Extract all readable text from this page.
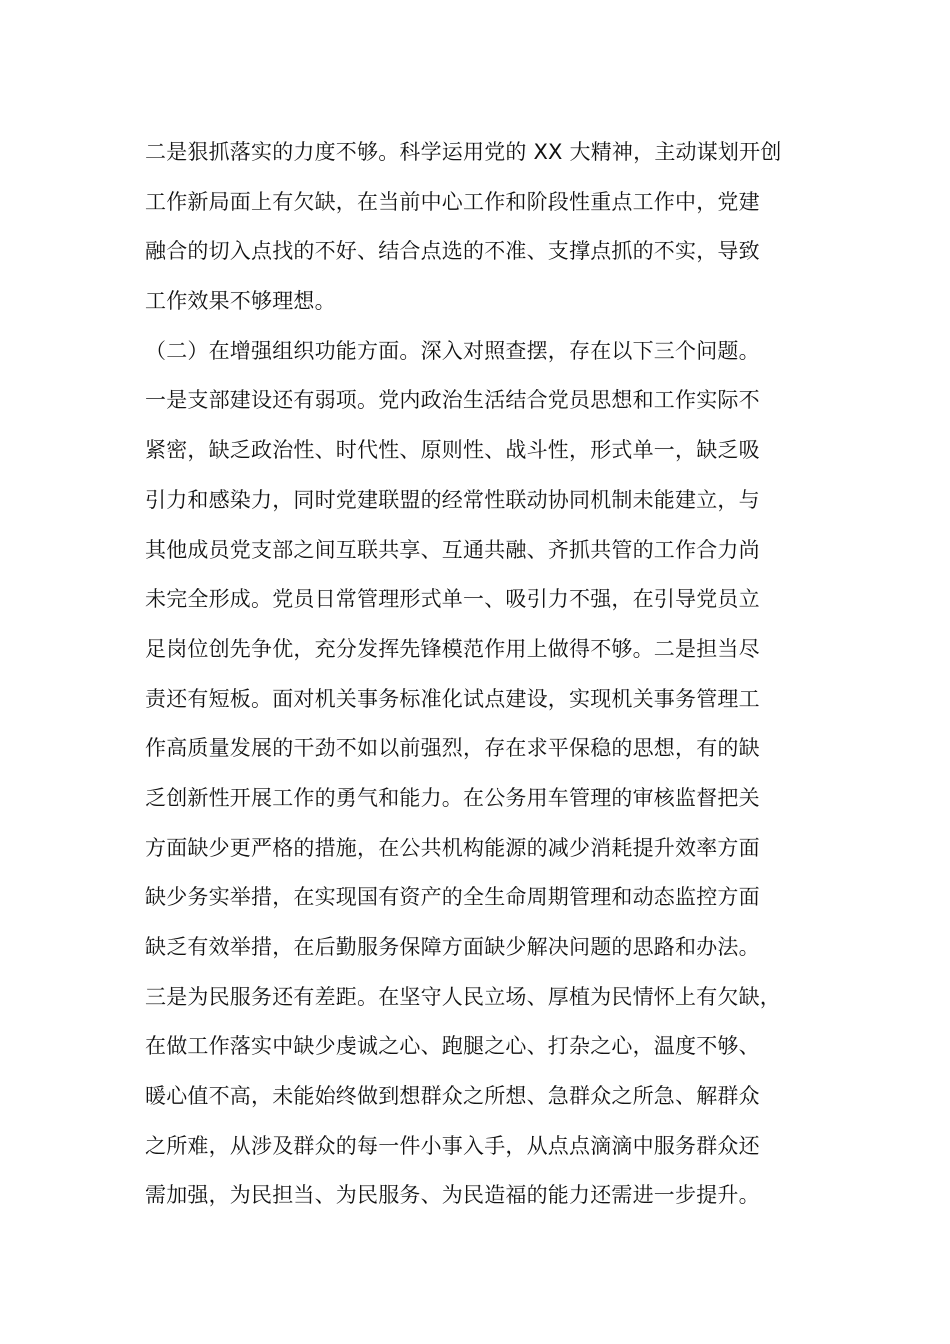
二是狠抓落实的力度不够。科学运用党的 XX 大精神，主动谋划开创
工作新局面上有欠缺，在当前中心工作和阶段性重点工作中，党建
融合的切入点找的不好、结合点选的不准、支撑点抓的不实，导致
工作效果不够理想。
（二）在增强组织功能方面。深入对照查摆，存在以下三个问题。
一是支部建设还有弱项。党内政治生活结合党员思想和工作实际不
紧密，缺乏政治性、时代性、原则性、战斗性，形式单一，缺乏吸
引力和感染力，同时党建联盟的经常性联动协同机制未能建立，与
其他成员党支部之间互联共享、互通共融、齐抓共管的工作合力尚
未完全形成。党员日常管理形式单一、吸引力不强，在引导党员立
足岗位创先争优，充分发挥先锋模范作用上做得不够。二是担当尽
责还有短板。面对机关事务标准化试点建设，实现机关事务管理工
作高质量发展的干劲不如以前强烈，存在求平保稳的思想，有的缺
乏创新性开展工作的勇气和能力。在公务用车管理的审核监督把关
方面缺少更严格的措施，在公共机构能源的减少消耗提升效率方面
缺少务实举措，在实现国有资产的全生命周期管理和动态监控方面
缺乏有效举措，在后勤服务保障方面缺少解决问题的思路和办法。
三是为民服务还有差距。在坚守人民立场、厚植为民情怀上有欠缺，
在做工作落实中缺少虔诚之心、跑腿之心、打杂之心，温度不够、
暖心值不高，未能始终做到想群众之所想、急群众之所急、解群众
之所难，从涉及群众的每一件小事入手，从点点滴滴中服务群众还
需加强，为民担当、为民服务、为民造福的能力还需进一步提升。
